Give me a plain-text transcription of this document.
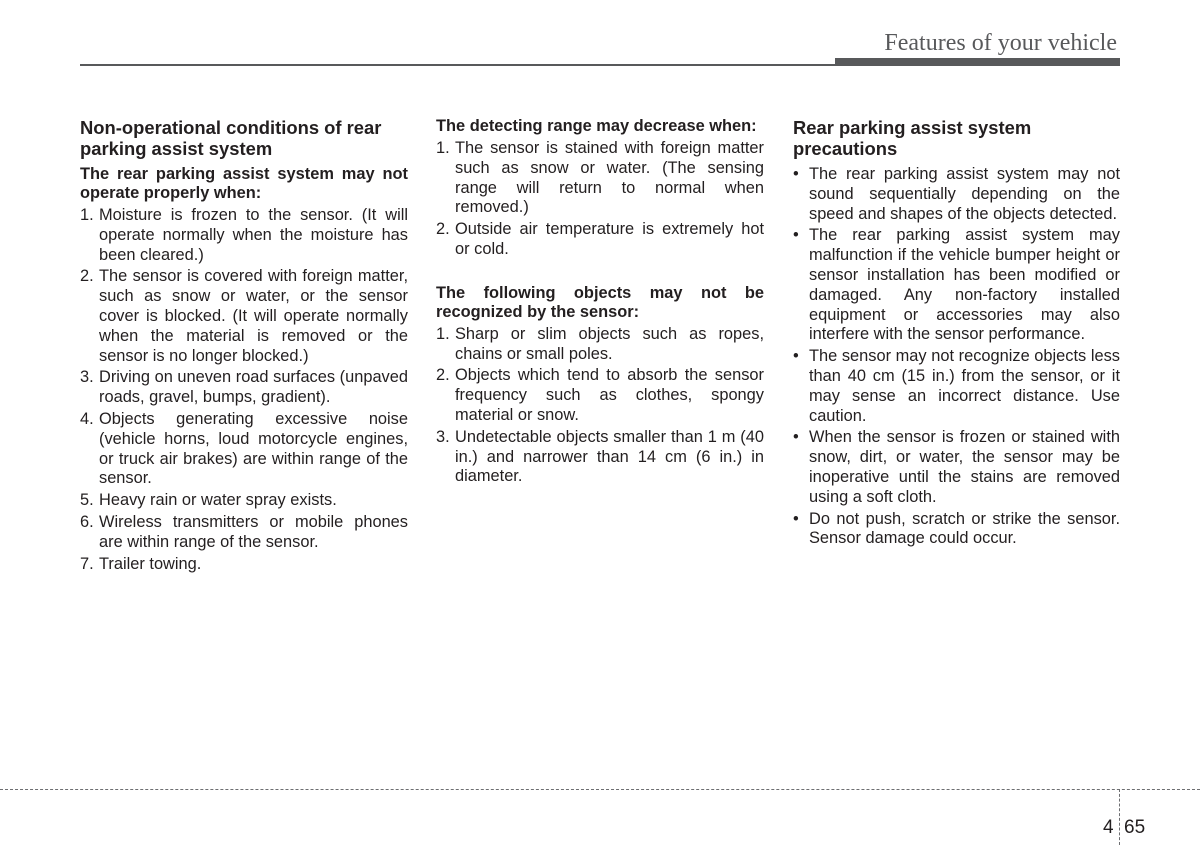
Features of your vehicle
Non-operational conditions of rear parking assist system
The rear parking assist system may not operate properly when:
1. Moisture is frozen to the sensor. (It will operate normally when the moisture has been cleared.)
2. The sensor is covered with foreign matter, such as snow or water, or the sensor cover is blocked. (It will operate normally when the material is removed or the sensor is no longer blocked.)
3. Driving on uneven road surfaces (unpaved roads, gravel, bumps, gradient).
4. Objects generating excessive noise (vehicle horns, loud motorcycle engines, or truck air brakes) are within range of the sensor.
5. Heavy rain or water spray exists.
6. Wireless transmitters or mobile phones are within range of the sensor.
7. Trailer towing.
The detecting range may decrease when:
1. The sensor is stained with foreign matter such as snow or water. (The sensing range will return to normal when removed.)
2. Outside air temperature is extremely hot or cold.
The following objects may not be recognized by the sensor:
1. Sharp or slim objects such as ropes, chains or small poles.
2. Objects which tend to absorb the sensor frequency such as clothes, spongy material or snow.
3. Undetectable objects smaller than 1 m (40 in.) and narrower than 14 cm (6 in.) in diameter.
Rear parking assist system precautions
• The rear parking assist system may not sound sequentially depending on the speed and shapes of the objects detected.
• The rear parking assist system may malfunction if the vehicle bumper height or sensor installation has been modified or damaged. Any non-factory installed equipment or accessories may also interfere with the sensor performance.
• The sensor may not recognize objects less than 40 cm (15 in.) from the sensor, or it may sense an incorrect distance. Use caution.
• When the sensor is frozen or stained with snow, dirt, or water, the sensor may be inoperative until the stains are removed using a soft cloth.
• Do not push, scratch or strike the sensor. Sensor damage could occur.
4 65
